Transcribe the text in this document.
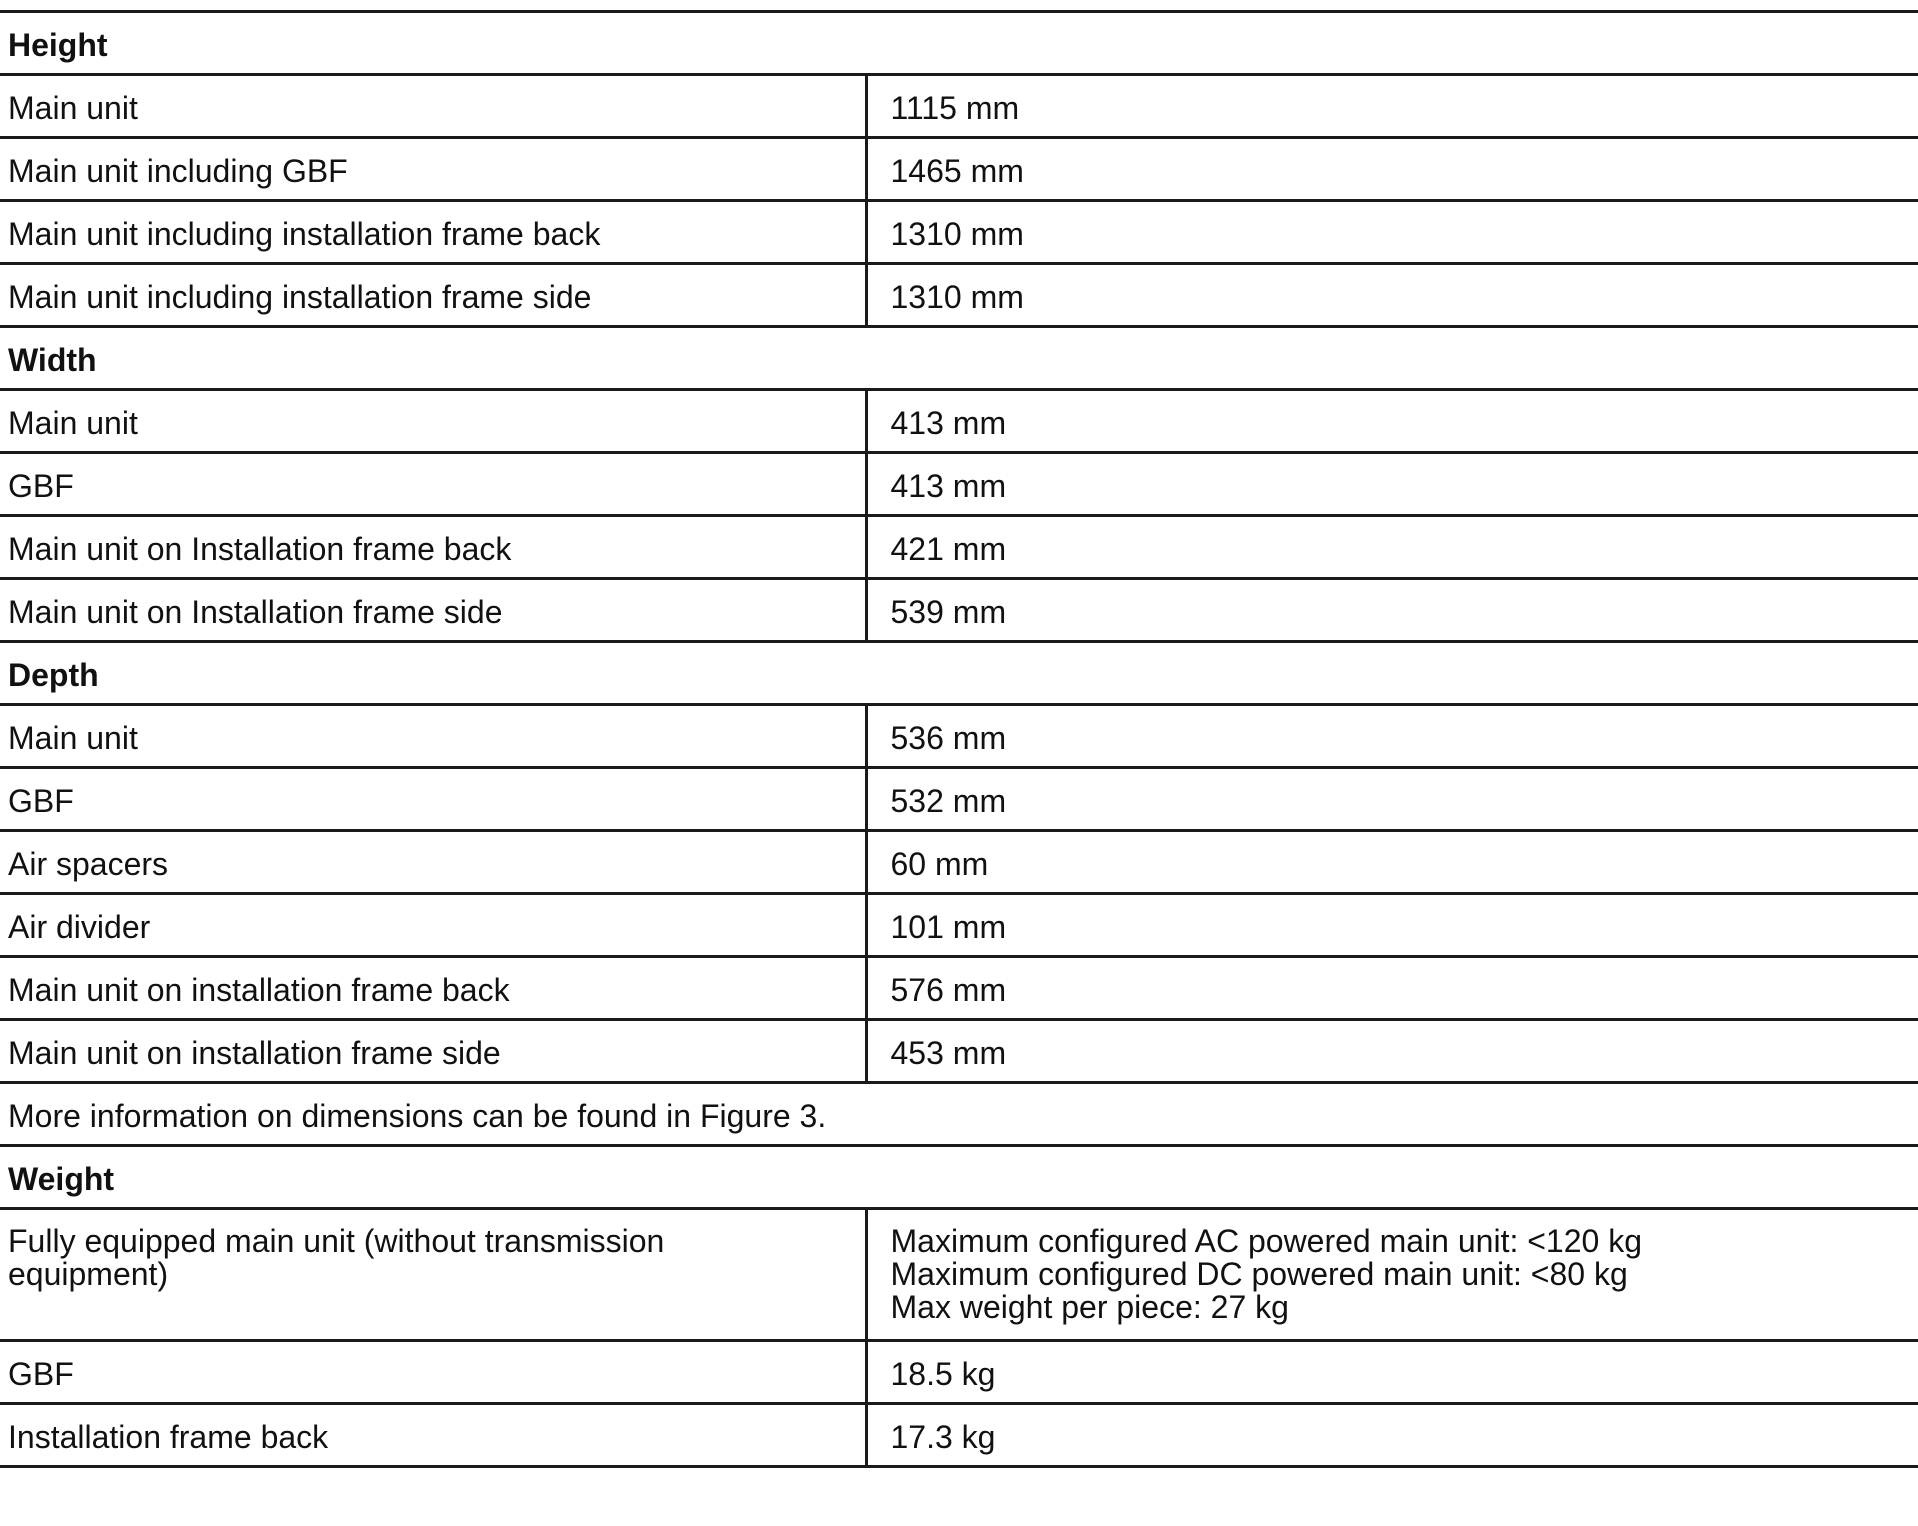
Height	
Main unit	1115 mm
Main unit including GBF	1465 mm
Main unit including installation frame back	1310 mm
Main unit including installation frame side	1310 mm
Width	
Main unit	413 mm
GBF	413 mm
Main unit on Installation frame back	421 mm
Main unit on Installation frame side	539 mm
Depth	
Main unit	536 mm
GBF	532 mm
Air spacers	60 mm
Air divider	101 mm
Main unit on installation frame back	576 mm
Main unit on installation frame side	453 mm
More information on dimensions can be found in Figure 3.	
Weight	

Fully equipped main unit (without transmission
equipment)	Maximum configured AC powered main unit: <120 kg
Maximum configured DC powered main unit: <80 kg
Max weight per piece: 27 kg

GBF	18.5 kg
Installation frame back	17.3 kg
